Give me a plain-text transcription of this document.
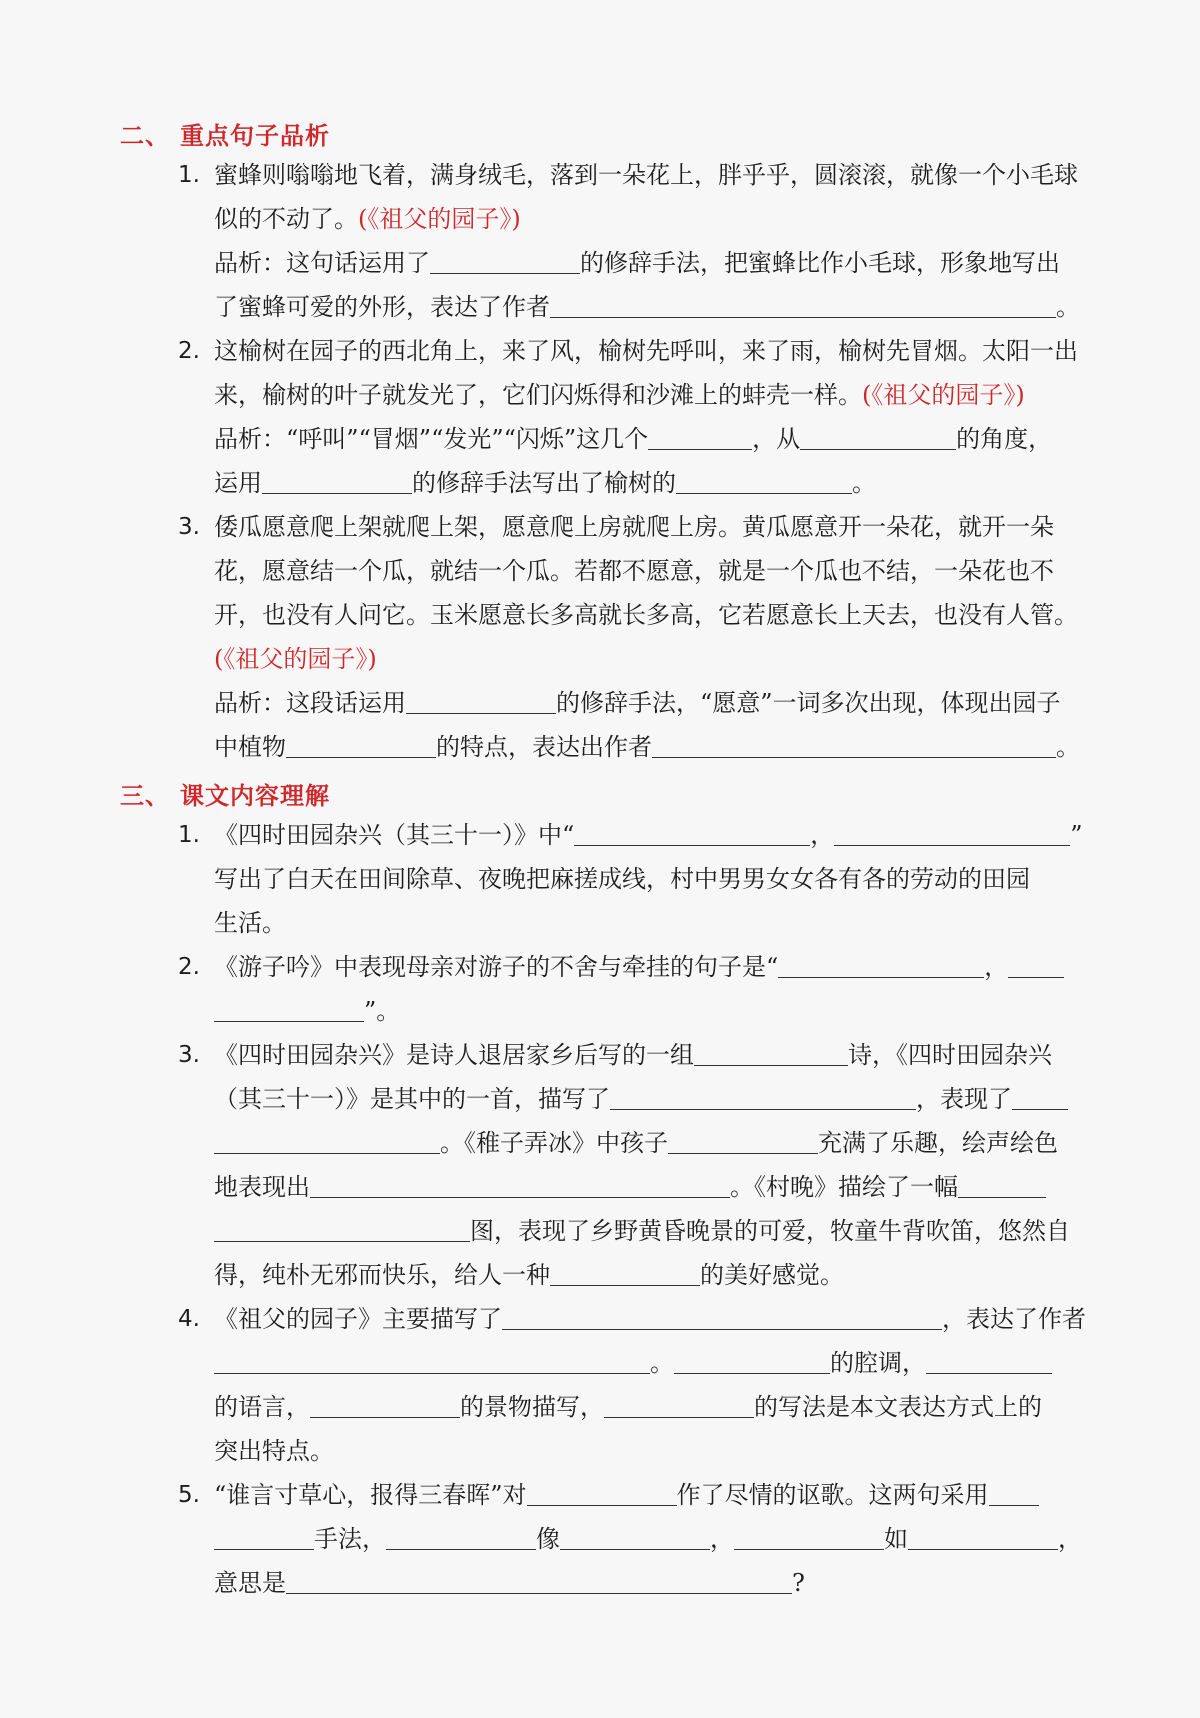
二、 重点句子品析
1. 蜜蜂则嗡嗡地飞着，满身绒毛，落到一朵花上，胖乎乎，圆滚滚，就像一个小毛球
似的不动了。(《祖父的园子》)
品析：这句话运用了	的修辞手法，把蜜蜂比作小毛球，形象地写出
了蜜蜂可爱的外形，表达了作者	。
2. 这榆树在园子的西北角上，来了风，榆树先呼叫，来了雨，榆树先冒烟。太阳一出
来，榆树的叶子就发光了，它们闪烁得和沙滩上的蚌壳一样。(《祖父的园子》)
品析：“呼叫”“冒烟”“发光”“闪烁”这几个	，从	的角度，
运用	的修辞手法写出了榆树的	。
3. 倭瓜愿意爬上架就爬上架，愿意爬上房就爬上房。黄瓜愿意开一朵花，就开一朵
花，愿意结一个瓜，就结一个瓜。若都不愿意，就是一个瓜也不结，一朵花也不
开，也没有人问它。玉米愿意长多高就长多高，它若愿意长上天去，也没有人管。
(《祖父的园子》)
品析：这段话运用	的修辞手法，“愿意”一词多次出现，体现出园子
中植物	的特点，表达出作者	。
三、 课文内容理解
1. 《四时田园杂兴（其三十一）》中“	，	”
写出了白天在田间除草、夜晚把麻搓成线，村中男男女女各有各的劳动的田园
生活。
2. 《游子吟》中表现母亲对游子的不舍与牵挂的句子是“	，
”。
3. 《四时田园杂兴》是诗人退居家乡后写的一组	诗，《四时田园杂兴
（其三十一）》是其中的一首，描写了	，表现了
。《稚子弄冰》中孩子	充满了乐趣，绘声绘色
地表现出	。《村晚》描绘了一幅
图，表现了乡野黄昏晚景的可爱，牧童牛背吹笛，悠然自
得，纯朴无邪而快乐，给人一种	的美好感觉。
4. 《祖父的园子》主要描写了	，表达了作者
。	的腔调，
的语言，	的景物描写，	的写法是本文表达方式上的
突出特点。
5. “谁言寸草心，报得三春晖”对	作了尽情的讴歌。这两句采用
手法，	像	，	如	，
意思是	?
